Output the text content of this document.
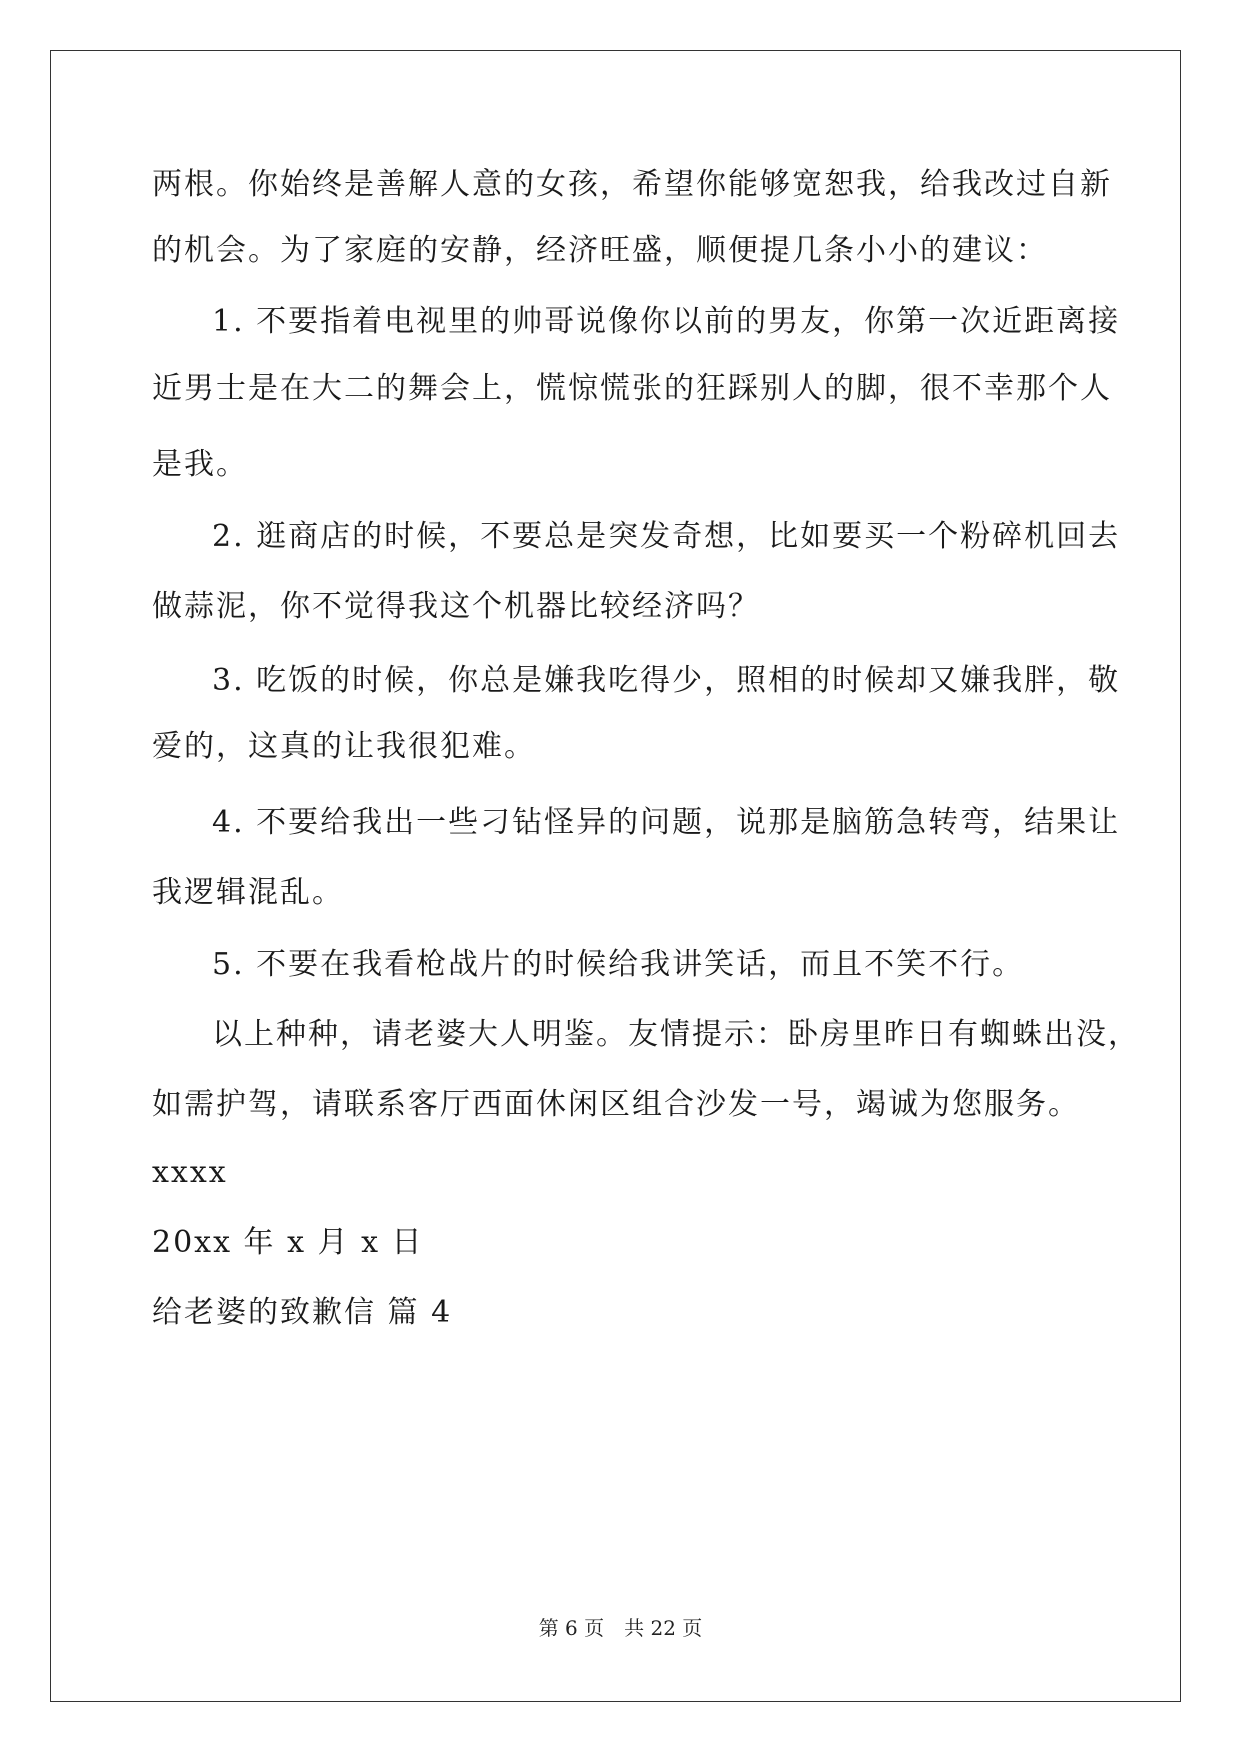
两根。你始终是善解人意的女孩，希望你能够宽恕我，给我改过自新
的机会。为了家庭的安静，经济旺盛，顺便提几条小小的建议：
1. 不要指着电视里的帅哥说像你以前的男友，你第一次近距离接
近男士是在大二的舞会上，慌惊慌张的狂踩别人的脚，很不幸那个人
是我。
2. 逛商店的时候，不要总是突发奇想，比如要买一个粉碎机回去
做蒜泥，你不觉得我这个机器比较经济吗？
3. 吃饭的时候，你总是嫌我吃得少，照相的时候却又嫌我胖，敬
爱的，这真的让我很犯难。
4. 不要给我出一些刁钻怪异的问题，说那是脑筋急转弯，结果让
我逻辑混乱。
5. 不要在我看枪战片的时候给我讲笑话，而且不笑不行。
以上种种，请老婆大人明鉴。友情提示：卧房里昨日有蜘蛛出没，
如需护驾，请联系客厅西面休闲区组合沙发一号，竭诚为您服务。
xxxx
20xx 年 x 月 x 日
给老婆的致歉信 篇 4
第 6 页　共 22 页
